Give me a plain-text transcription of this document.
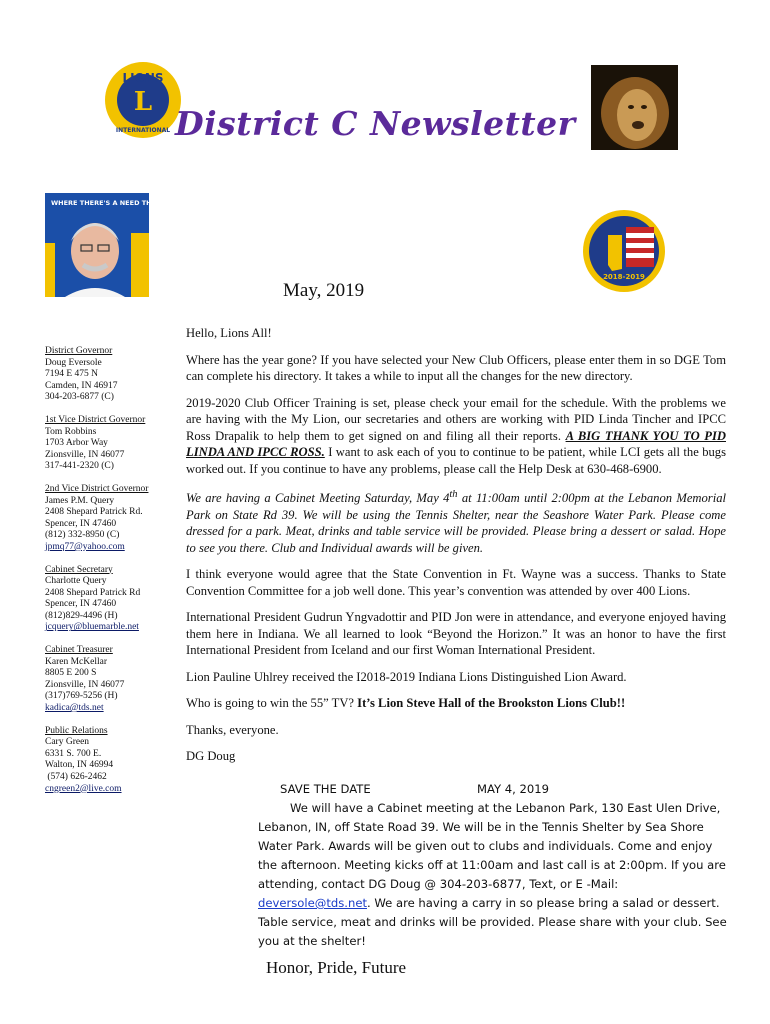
LIONS
INTERNATIONAL
L
District C Newsletter
WHERE THERE'S A NEED THERE'S A LION
2018-2019
May, 2019
District Governor
Doug Eversole
7194 E 475 N
Camden, IN 46917
304-203-6877 (C)
1st Vice District Governor
Tom Robbins
1703 Arbor Way
Zionsville, IN 46077
317-441-2320 (C)
2nd Vice District Governor
James P.M. Query
2408 Shepard Patrick Rd.
Spencer, IN 47460
(812) 332-8950 (C)
jpmq77@yahoo.com
Cabinet Secretary
Charlotte Query
2408 Shepard Patrick Rd
Spencer, IN 47460
(812)829-4496 (H)
jcquery@bluemarble.net
Cabinet Treasurer
Karen McKellar
8805 E 200 S
Zionsville, IN 46077
(317)769-5256 (H)
kadica@tds.net
Public Relations
Cary Green
6331 S. 700 E.
Walton, IN 46994
(574) 626-2462
cngreen2@live.com

Hello, Lions All!

Where has the year gone? If you have selected your New Club Officers, please enter them in so DGE Tom can complete his directory. It takes a while to input all the changes for the new directory.

2019-2020 Club Officer Training is set, please check your email for the schedule. With the problems we are having with the My Lion, our secretaries and others are working with PID Linda Tincher and IPCC Ross Drapalik to help them to get signed on and filing all their reports. A BIG THANK YOU TO PID LINDA AND IPCC ROSS. I want to ask each of you to continue to be patient, while LCI gets all the bugs worked out. If you continue to have any problems, please call the Help Desk at 630-468-6900.

We are having a Cabinet Meeting Saturday, May 4th at 11:00am until 2:00pm at the Lebanon Memorial Park on State Rd 39. We will be using the Tennis Shelter, near the Seashore Water Park. Please come dressed for a park. Meat, drinks and table service will be provided. Please bring a dessert or salad. Hope to see you there. Club and Individual awards will be given.

I think everyone would agree that the State Convention in Ft. Wayne was a success. Thanks to State Convention Committee for a job well done. This year’s convention was attended by over 400 Lions.

International President Gudrun Yngvadottir and PID Jon were in attendance, and everyone enjoyed having them here in Indiana. We all learned to look “Beyond the Horizon.” It was an honor to have the first International President from Iceland and our first Woman International President.

Lion Pauline Uhlrey received the I2018-2019 Indiana Lions Distinguished Lion Award.

Who is going to win the 55” TV? It’s Lion Steve Hall of the Brookston Lions Club!!

Thanks, everyone.

DG Doug

SAVE THE DATE	MAY 4, 2019
We will have a Cabinet meeting at the Lebanon Park, 130 East Ulen Drive, Lebanon, IN, off State Road 39. We will be in the Tennis Shelter by Sea Shore Water Park. Awards will be given out to clubs and individuals. Come and enjoy the afternoon. Meeting kicks off at 11:00am and last call is at 2:00pm. If you are attending, contact DG Doug @ 304-203-6877, Text, or E -Mail: deversole@tds.net. We are having a carry in so please bring a salad or dessert. Table service, meat and drinks will be provided. Please share with your club. See you at the shelter!
Honor, Pride, Future
